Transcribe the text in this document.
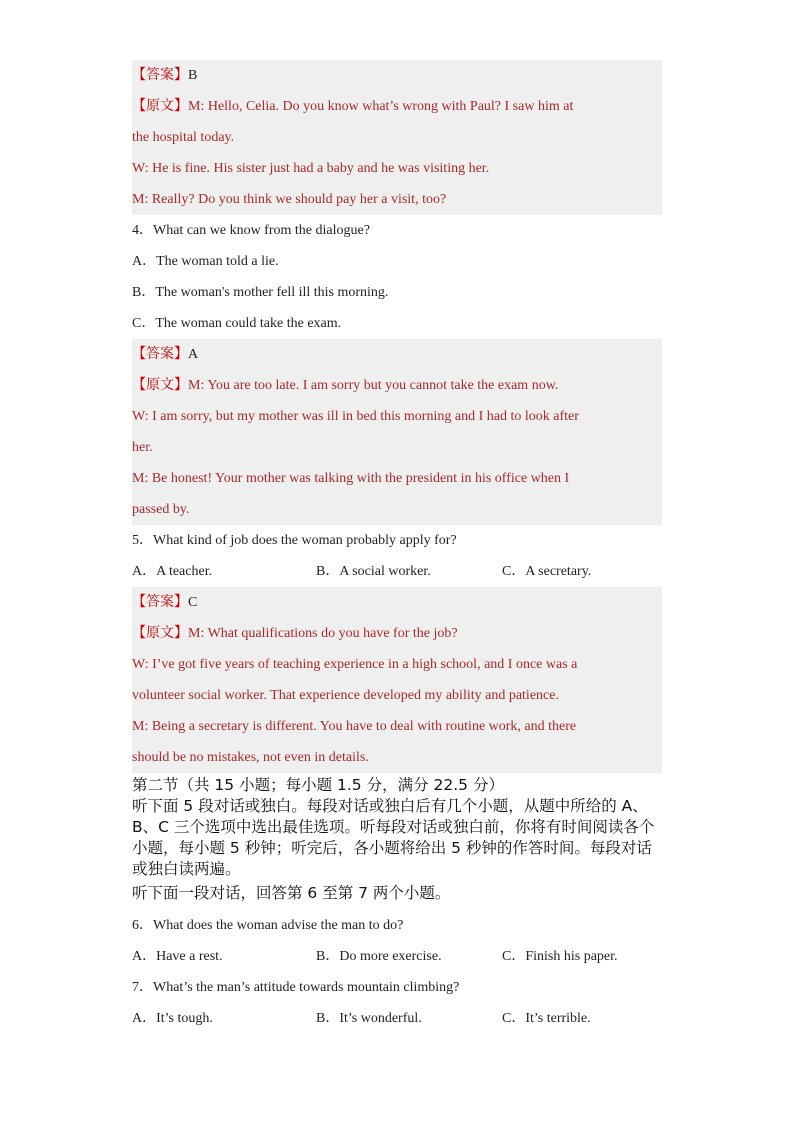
【答案】B
【原文】M: Hello, Celia. Do you know what’s wrong with Paul? I saw him at
the hospital today.
W: He is fine. His sister just had a baby and he was visiting her.
M: Really? Do you think we should pay her a visit, too?
4．What can we know from the dialogue?
A．The woman told a lie.
B．The woman's mother fell ill this morning.
C．The woman could take the exam.
【答案】A
【原文】M: You are too late. I am sorry but you cannot take the exam now.
W: I am sorry, but my mother was ill in bed this morning and I had to look after
her.
M: Be honest! Your mother was talking with the president in his office when I
passed by.
5．What kind of job does the woman probably apply for?
A．A teacher.	B．A social worker.	C．A secretary.
【答案】C
【原文】M: What qualifications do you have for the job?
W: I’ve got five years of teaching experience in a high school, and I once was a
volunteer social worker. That experience developed my ability and patience.
M: Being a secretary is different. You have to deal with routine work, and there
should be no mistakes, not even in details.
第二节（共 15 小题；每小题 1.5 分，满分 22.5 分）
听下面 5 段对话或独白。每段对话或独白后有几个小题，从题中所给的 A、B、C 三个选项中选出最佳选项。听每段对话或独白前，你将有时间阅读各个小题，每小题 5 秒钟；听完后，各小题将给出 5 秒钟的作答时间。每段对话或独白读两遍。
听下面一段对话，回答第 6 至第 7 两个小题。
6．What does the woman advise the man to do?
A．Have a rest.	B．Do more exercise.	C．Finish his paper.
7．What’s the man’s attitude towards mountain climbing?
A．It’s tough.	B．It’s wonderful.	C．It’s terrible.
